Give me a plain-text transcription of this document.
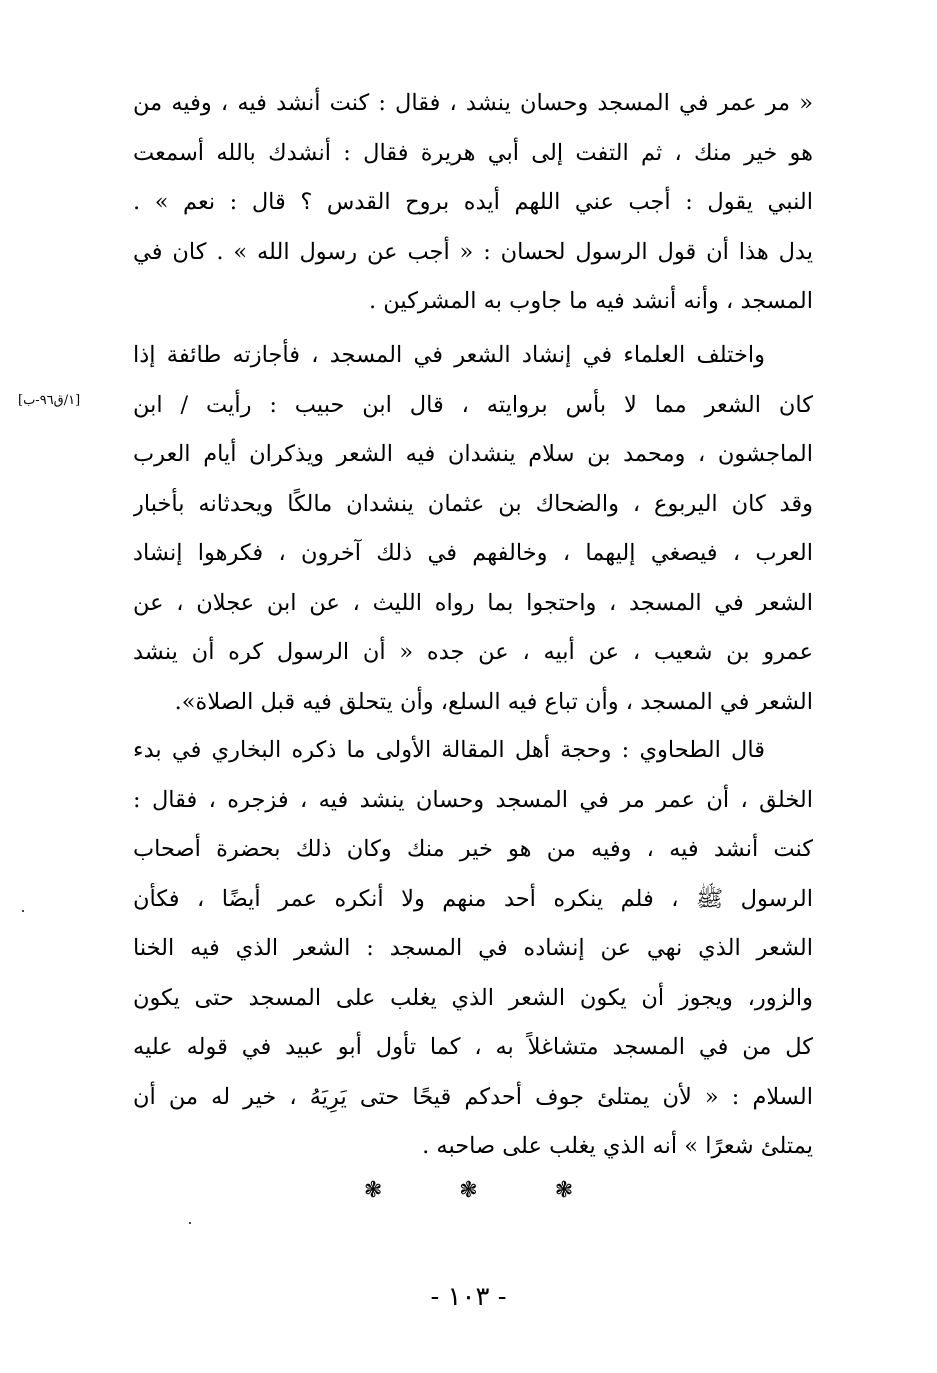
« مر عمر في المسجد وحسان ينشد ، فقال : كنت أنشد فيه ، وفيه من
هو خير منك ، ثم التفت إلى أبي هريرة فقال : أنشدك بالله أسمعت
النبي يقول : أجب عني اللهم أيده بروح القدس ؟ قال : نعم » .
يدل هذا أن قول الرسول لحسان : « أجب عن رسول الله » . كان في
المسجد ، وأنه أنشد فيه ما جاوب به المشركين .
واختلف العلماء في إنشاد الشعر في المسجد ، فأجازته طائفة إذا
كان الشعر مما لا بأس بروايته ، قال ابن حبيب : رأيت / ابن
الماجشون ، ومحمد بن سلام ينشدان فيه الشعر ويذكران أيام العرب
وقد كان اليربوع ، والضحاك بن عثمان ينشدان مالكًا ويحدثانه بأخبار
العرب ، فيصغي إليهما ، وخالفهم في ذلك آخرون ، فكرهوا إنشاد
الشعر في المسجد ، واحتجوا بما رواه الليث ، عن ابن عجلان ، عن
عمرو بن شعيب ، عن أبيه ، عن جده « أن الرسول كره أن ينشد
الشعر في المسجد ، وأن تباع فيه السلع، وأن يتحلق فيه قبل الصلاة».
[١/ق٩٦-ب]
قال الطحاوي : وحجة أهل المقالة الأولى ما ذكره البخاري في بدء
الخلق ، أن عمر مر في المسجد وحسان ينشد فيه ، فزجره ، فقال :
كنت أنشد فيه ، وفيه من هو خير منك وكان ذلك بحضرة أصحاب
الرسول ﷺ ، فلم ينكره أحد منهم ولا أنكره عمر أيضًا ، فكأن
الشعر الذي نهي عن إنشاده في المسجد : الشعر الذي فيه الخنا
والزور، ويجوز أن يكون الشعر الذي يغلب على المسجد حتى يكون
كل من في المسجد متشاغلاً به ، كما تأول أبو عبيد في قوله عليه
السلام : « لأن يمتلئ جوف أحدكم قيحًا حتى يَرِيَهُ ، خير له من أن
يمتلئ شعرًا » أنه الذي يغلب على صاحبه .
❃	❃	❃
- ١٠٣ -
